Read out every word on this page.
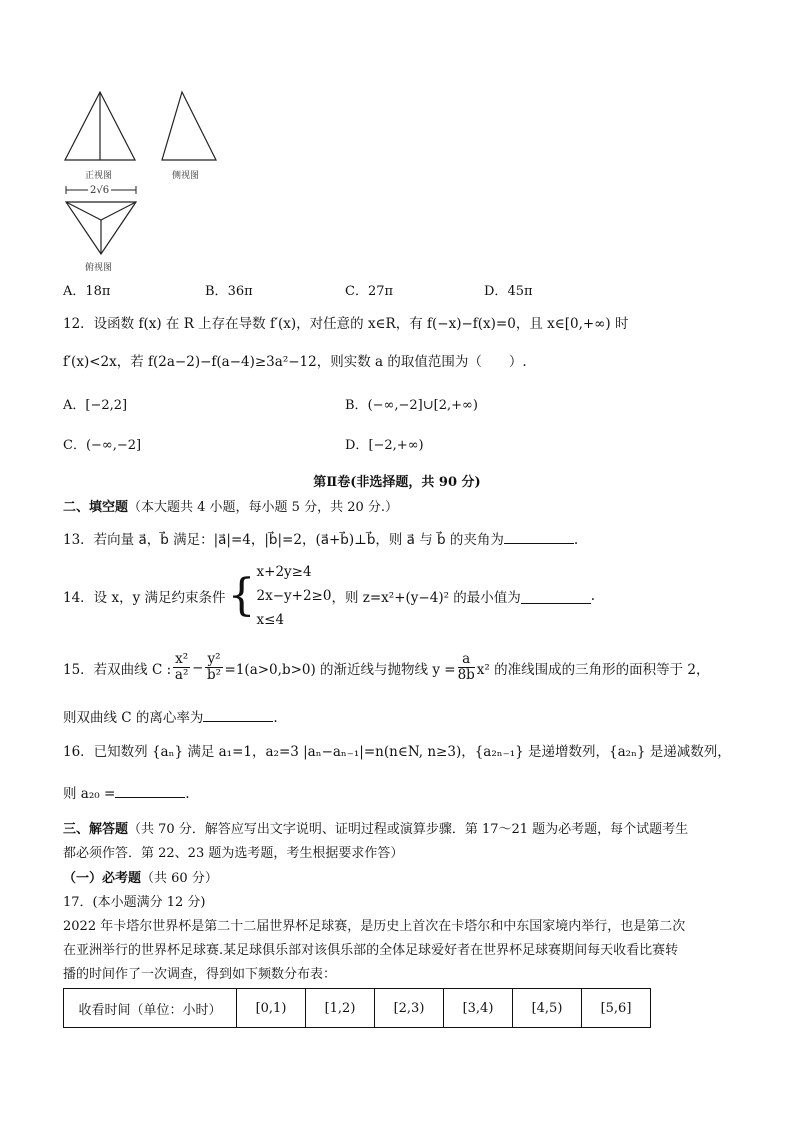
正视图	侧视图
2√6
俯视图
A．18π	B．36π	C．27π	D．45π
12．设函数 f(x) 在 R 上存在导数 f′(x)，对任意的 x∈R，有 f(−x)−f(x)=0，且 x∈[0,+∞) 时
f′(x)<2x，若 f(2a−2)−f(a−4)≥3a²−12，则实数 a 的取值范围为（　　）.
A．[−2,2]	B．(−∞,−2]∪[2,+∞)
C．(−∞,−2]	D．[−2,+∞)
第Ⅱ卷(非选择题，共 90 分)
二、填空题（本大题共 4 小题，每小题 5 分，共 20 分.）
13．若向量 a⃗，b⃗ 满足：|a⃗|=4，|b⃗|=2，(a⃗+b⃗)⊥b⃗，则 a⃗ 与 b⃗ 的夹角为	.
14．设 x，y 满足约束条件 { x+2y≥4
2x−y+2≥0
x≤4
，则 z=x²+(y−4)² 的最小值为	.
15．若双曲线 C : $\frac{\text{x²}}{\text{a²}} - \frac{\text{y²}}{\text{b²}} =1(a>0,b>0)$ 的渐近线与抛物线 $y = \frac{a}{8b} x^2$ 的准线围成的三角形的面积等于 2，
则双曲线 C 的离心率为	.
16．已知数列 {aₙ} 满足 a₁=1，a₂=3 |aₙ−aₙ₋₁|=n(n∈N, n≥3)，{a₂ₙ₋₁} 是递增数列，{a₂ₙ} 是递减数列，
则 a₂₀ =	.
三、解答题（共 70 分．解答应写出文字说明、证明过程或演算步骤．第 17～21 题为必考题，每个试题考生
都必须作答．第 22、23 题为选考题，考生根据要求作答）
（一）必考题（共 60 分）
17．(本小题满分 12 分)
2022 年卡塔尔世界杯是第二十二届世界杯足球赛，是历史上首次在卡塔尔和中东国家境内举行，也是第二次
在亚洲举行的世界杯足球赛.某足球俱乐部对该俱乐部的全体足球爱好者在世界杯足球赛期间每天收看比赛转
播的时间作了一次调查，得到如下频数分布表：
收看时间（单位：小时）	[0,1)	[1,2)	[2,3)	[3,4)	[4,5)	[5,6]
